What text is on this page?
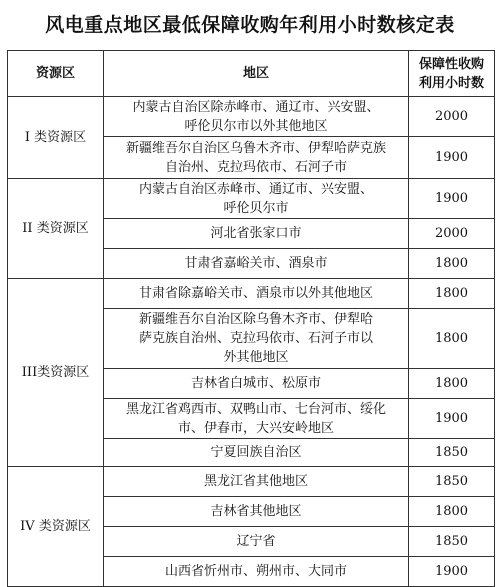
风电重点地区最低保障收购年利用小时数核定表
资源区	地区	保障性收购
利用小时数

I 类资源区	内蒙古自治区除赤峰市、通辽市、兴安盟、
呼伦贝尔市以外其他地区	2000

	新疆维吾尔自治区乌鲁木齐市、伊犁哈萨克族
自治州、克拉玛依市、石河子市	1900
II 类资源区	内蒙古自治区赤峰市、通辽市、兴安盟、
呼伦贝尔市	1900

	河北省张家口市	2000

	甘肃省嘉峪关市、酒泉市	1800
III类资源区	甘肃省除嘉峪关市、酒泉市以外其他地区	1800

	新疆维吾尔自治区除乌鲁木齐市、伊犁哈
萨克族自治州、克拉玛依市、石河子市以
外其他地区	1800

	吉林省白城市、松原市	1800

	黑龙江省鸡西市、双鸭山市、七台河市、绥化
市、伊春市，大兴安岭地区	1900

	宁夏回族自治区	1850
IV 类资源区	黑龙江省其他地区	1850

	吉林省其他地区	1800

	辽宁省	1850

	山西省忻州市、朔州市、大同市	1900
